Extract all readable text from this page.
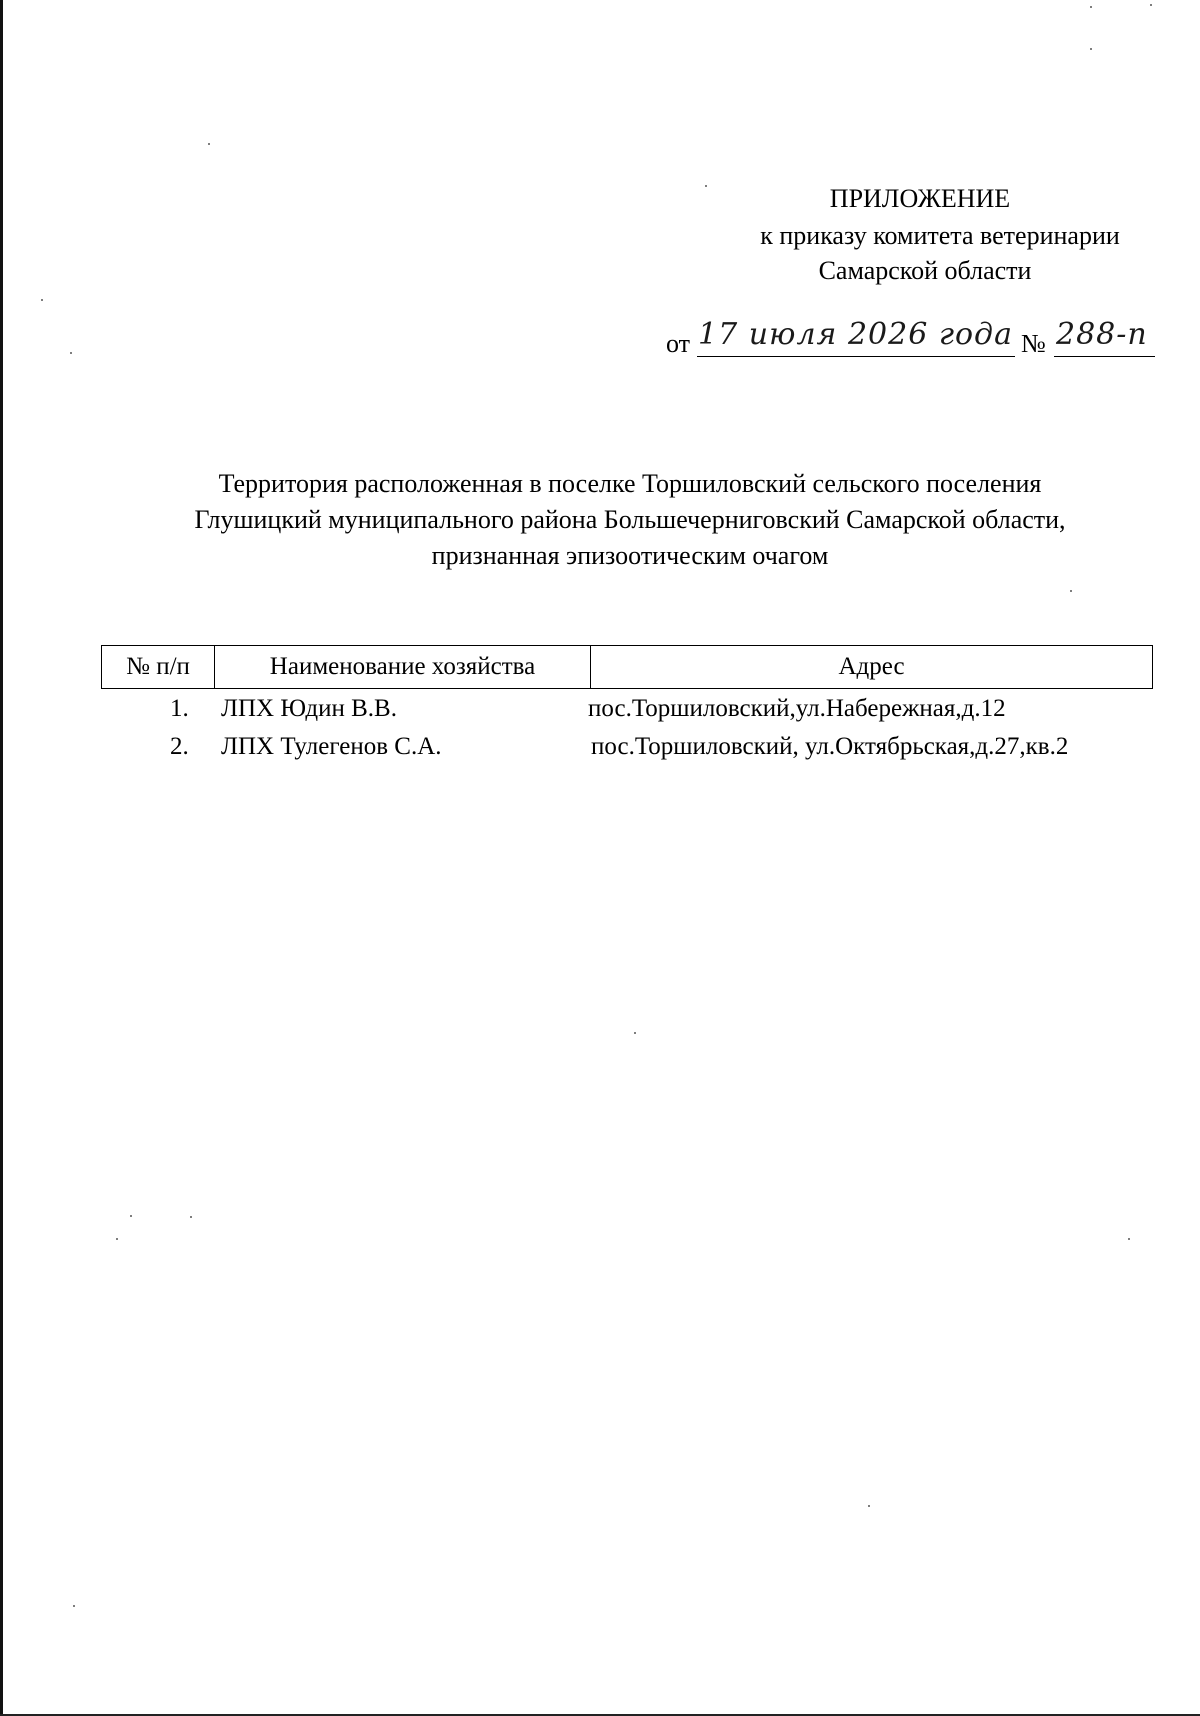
ПРИЛОЖЕНИЕ
к приказу комитета ветеринарии
Самарской области
от 17 июля 2026 года № 288-п
Территория расположенная в поселке Торшиловский сельского поселения
Глушицкий муниципального района Большечерниговский Самарской области,
признанная эпизоотическим очагом
№ п/п	Наименование хозяйства	Адрес
1. ЛПХ Юдин В.В.	пос.Торшиловский,ул.Набережная,д.12
2. ЛПХ Тулегенов С.А.	пос.Торшиловский, ул.Октябрьская,д.27,кв.2
